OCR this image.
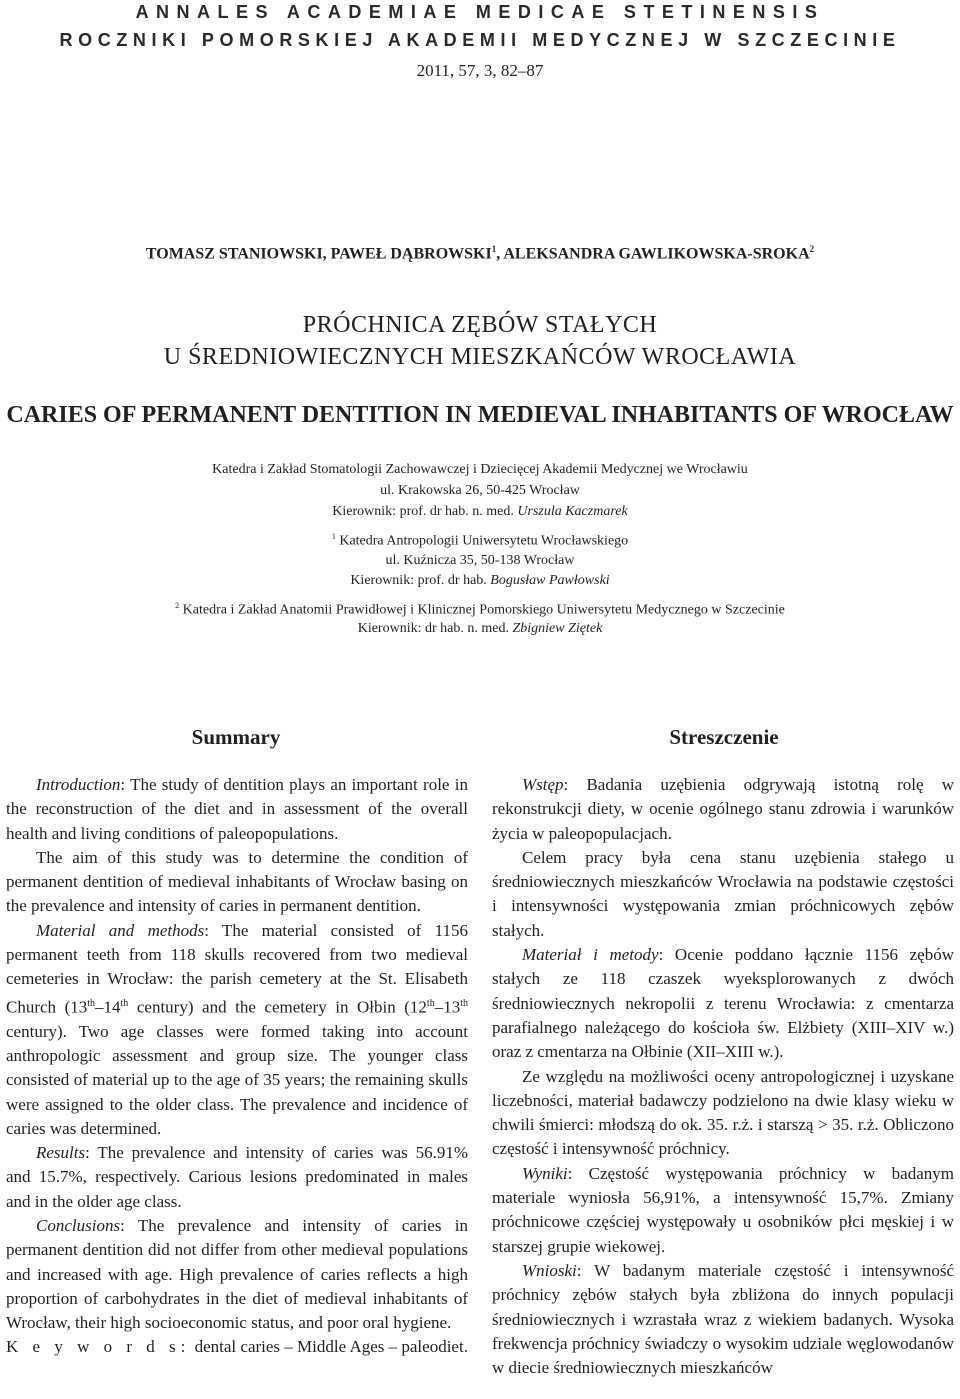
ANNALES ACADEMIAE MEDICAE STETINENSIS
ROCZNIKI POMORSKIEJ AKADEMII MEDYCZNEJ W SZCZECINIE
2011, 57, 3, 82–87
TOMASZ STANIOWSKI, PAWEŁ DĄBROWSKI$^1$, ALEKSANDRA GAWLIKOWSKA-SROKA$^2$
PRÓCHNICA ZĘBÓW STAŁYCH
U ŚREDNIOWIECZNYCH MIESZKAŃCÓW WROCŁAWIA
CARIES OF PERMANENT DENTITION IN MEDIEVAL INHABITANTS OF WROCŁAW
Katedra i Zakład Stomatologii Zachowawczej i Dziecięcej Akademii Medycznej we Wrocławiu
ul. Krakowska 26, 50-425 Wrocław
Kierownik: prof. dr hab. n. med. Urszula Kaczmarek
$^1$ Katedra Antropologii Uniwersytetu Wrocławskiego
ul. Kuźnicza 35, 50-138 Wrocław
Kierownik: prof. dr hab. Bogusław Pawłowski
$^2$ Katedra i Zakład Anatomii Prawidłowej i Klinicznej Pomorskiego Uniwersytetu Medycznego w Szczecinie
Kierownik: dr hab. n. med. Zbigniew Ziętek
Summary	Streszczenie

Introduction: The study of dentition plays an important role in the reconstruction of the diet and in assessment of the overall health and living conditions of paleopopulations.

The aim of this study was to determine the condition of permanent dentition of medieval inhabitants of Wrocław basing on the prevalence and intensity of caries in permanent dentition.

Material and methods: The material consisted of 1156 permanent teeth from 118 skulls recovered from two medieval cemeteries in Wrocław: the parish cemetery at the St. Elisabeth Church (13th–14th century) and the cemetery in Ołbin (12th–13th century). Two age classes were formed taking into account anthropologic assessment and group size. The younger class consisted of material up to the age of 35 years; the remaining skulls were assigned to the older class. The prevalence and incidence of caries was determined.

Results: The prevalence and intensity of caries was 56.91% and 15.7%, respectively. Carious lesions predominated in males and in the older age class.

Conclusions: The prevalence and intensity of caries in permanent dentition did not differ from other medieval populations and increased with age. High prevalence of caries reflects a high proportion of carbohydrates in the diet of medieval inhabitants of Wrocław, their high socioeconomic status, and poor oral hygiene.

K e y w o r d s: dental caries – Middle Ages – paleodiet.

Wstęp: Badania uzębienia odgrywają istotną rolę w rekonstrukcji diety, w ocenie ogólnego stanu zdrowia i warunków życia w paleopopulacjach.

Celem pracy była cena stanu uzębienia stałego u średniowiecznych mieszkańców Wrocławia na podstawie częstości i intensywności występowania zmian próchnicowych zębów stałych.

Materiał i metody: Ocenie poddano łącznie 1156 zębów stałych ze 118 czaszek wyeksplorowanych z dwóch średniowiecznych nekropolii z terenu Wrocławia: z cmentarza parafialnego należącego do kościoła św. Elżbiety (XIII–XIV w.) oraz z cmentarza na Ołbinie (XII–XIII w.).

Ze względu na możliwości oceny antropologicznej i uzyskane liczebności, materiał badawczy podzielono na dwie klasy wieku w chwili śmierci: młodszą do ok. 35. r.ż. i starszą > 35. r.ż. Obliczono częstość i intensywność próchnicy.

Wyniki: Częstość występowania próchnicy w badanym materiale wyniosła 56,91%, a intensywność 15,7%. Zmiany próchnicowe częściej występowały u osobników płci męskiej i w starszej grupie wiekowej.

Wnioski: W badanym materiale częstość i intensywność próchnicy zębów stałych była zbliżona do innych populacji średniowiecznych i wzrastała wraz z wiekiem badanych. Wysoka frekwencja próchnicy świadczy o wysokim udziale węglowodanów w diecie średniowiecznych mieszkańców
